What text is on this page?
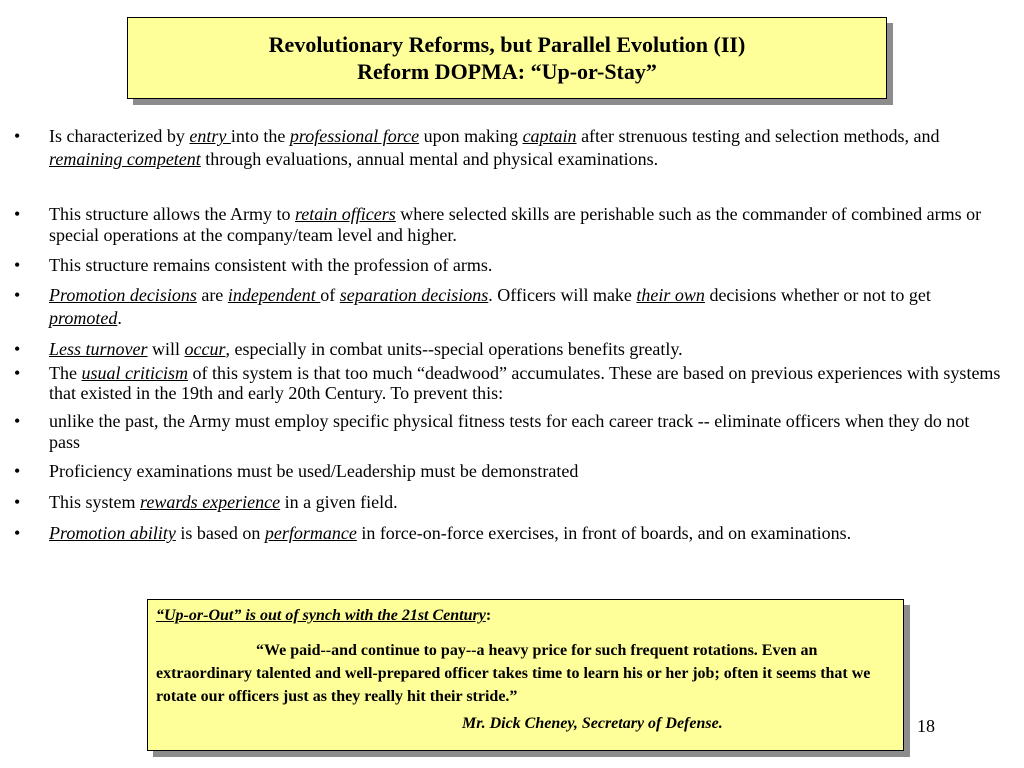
Revolutionary Reforms, but Parallel Evolution (II)
Reform DOPMA: “Up-or-Stay”
• Is characterized by entry into the professional force upon making captain after strenuous testing and selection methods, and remaining competent through evaluations, annual mental and physical examinations.
• This structure allows the Army to retain officers where selected skills are perishable such as the commander of combined arms or special operations at the company/team level and higher.
• This structure remains consistent with the profession of arms.
• Promotion decisions are independent of separation decisions. Officers will make their own decisions whether or not to get promoted.
• Less turnover will occur, especially in combat units--special operations benefits greatly.
• The usual criticism of this system is that too much “deadwood” accumulates. These are based on previous experiences with systems that existed in the 19th and early 20th Century. To prevent this:
• unlike the past, the Army must employ specific physical fitness tests for each career track -- eliminate officers when they do not pass
• Proficiency examinations must be used/Leadership must be demonstrated
• This system rewards experience in a given field.
• Promotion ability is based on performance in force-on-force exercises, in front of boards, and on examinations.
“Up-or-Out” is out of synch with the 21st Century:
“We paid--and continue to pay--a heavy price for such frequent rotations. Even an extraordinary talented and well-prepared officer takes time to learn his or her job; often it seems that we rotate our officers just as they really hit their stride.”
Mr. Dick Cheney, Secretary of Defense.	18
